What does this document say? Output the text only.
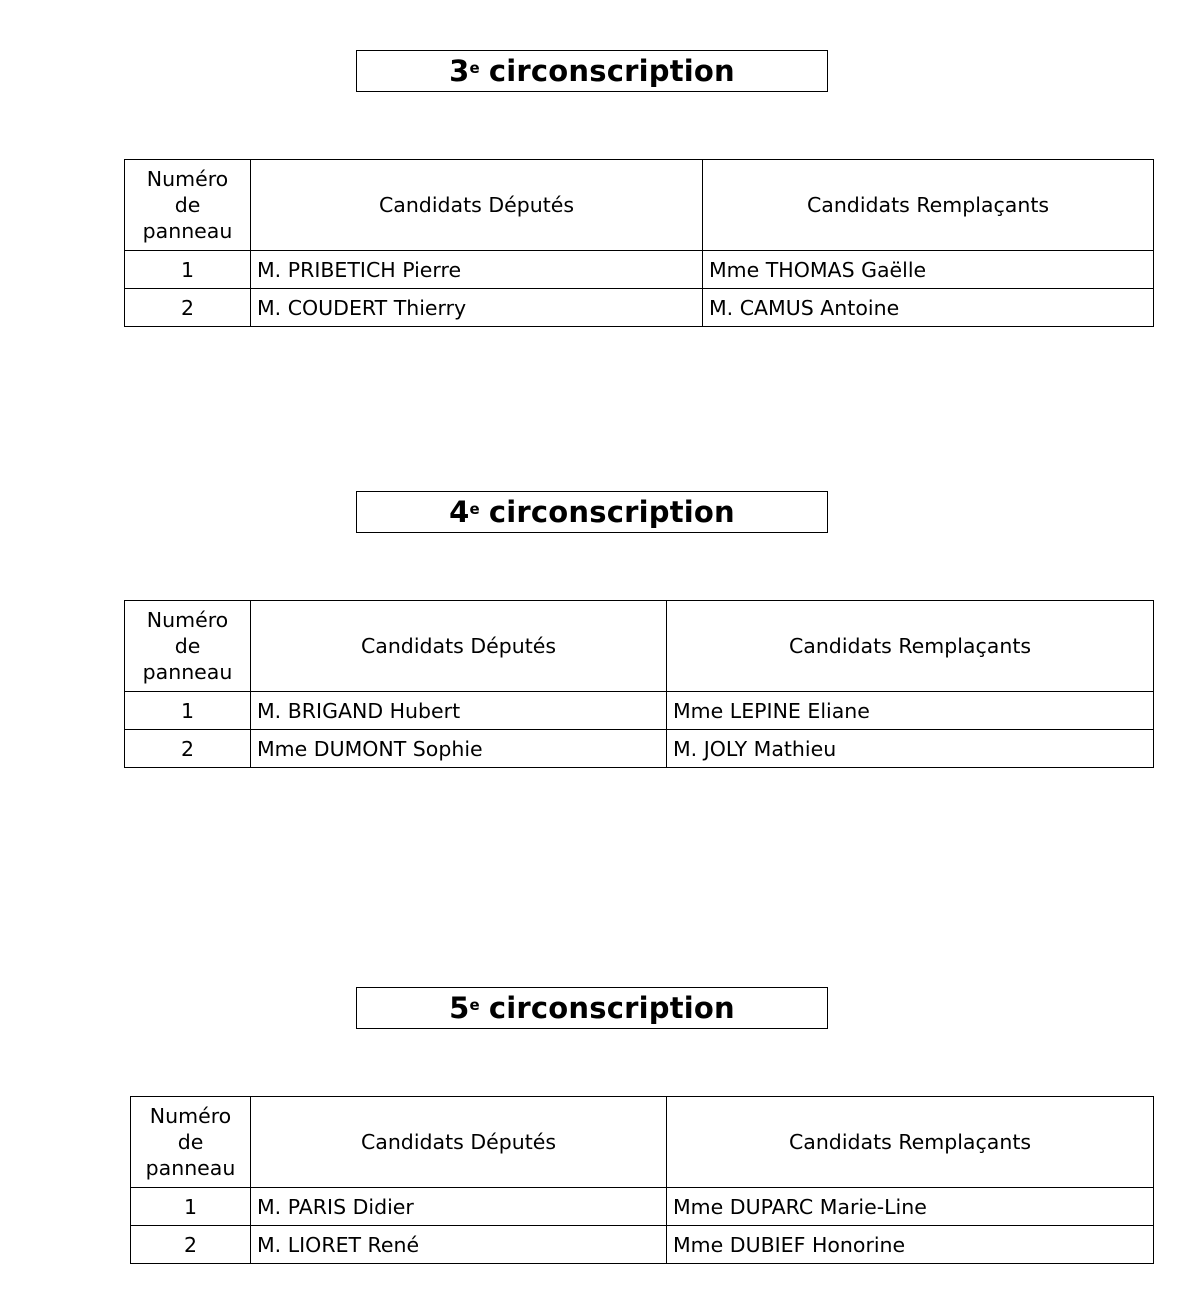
3e circonscription
Numéro
de
panneau	Candidats Députés	Candidats Remplaçants
1	M. PRIBETICH Pierre	Mme THOMAS Gaëlle
2	M. COUDERT Thierry	M. CAMUS Antoine
4e circonscription
Numéro
de
panneau	Candidats Députés	Candidats Remplaçants
1	M. BRIGAND Hubert	Mme LEPINE Eliane
2	Mme DUMONT Sophie	M. JOLY Mathieu
5e circonscription
Numéro
de
panneau	Candidats Députés	Candidats Remplaçants
1	M. PARIS Didier	Mme DUPARC Marie-Line
2	M. LIORET René	Mme DUBIEF Honorine
